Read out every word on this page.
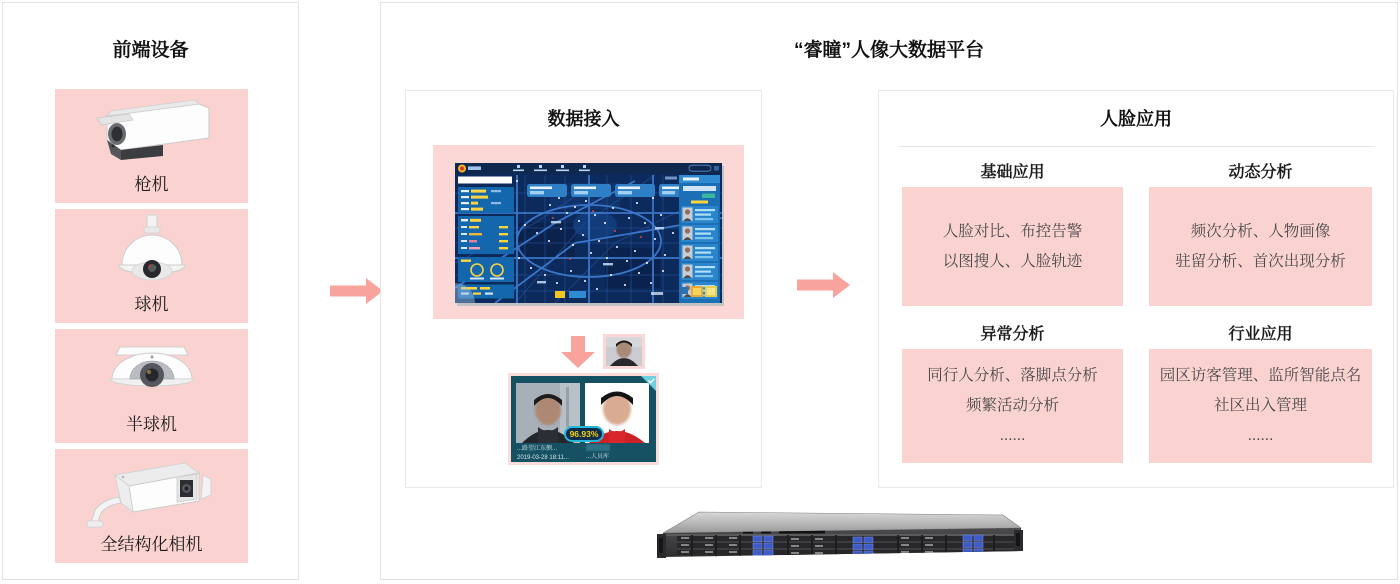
前端设备
枪机
球机
半球机
全结构化相机
“睿瞳”人像大数据平台
数据接入
96.93%
...路望江东侧...
2019-03-28 18:11...	...人员库
人脸应用
基础应用	动态分析
人脸对比、布控告警
以图搜人、人脸轨迹
频次分析、人物画像
驻留分析、首次出现分析
异常分析	行业应用
同行人分析、落脚点分析
频繁活动分析
......
园区访客管理、监所智能点名
社区出入管理
......
